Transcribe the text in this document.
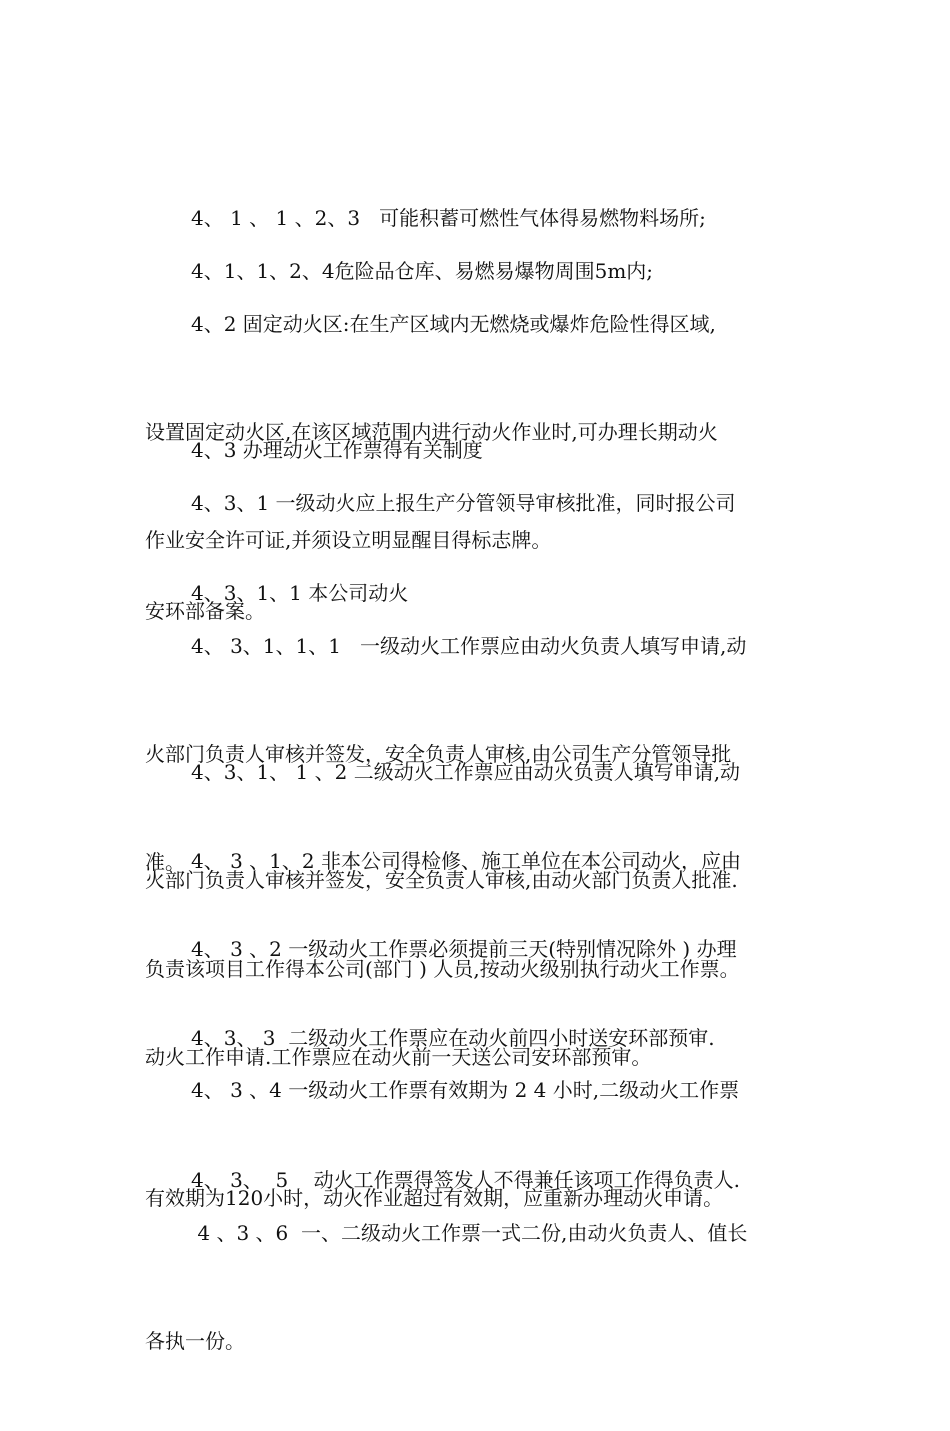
4、 1 、 1 、2、3   可能积蓄可燃性气体得易燃物料场所;

4、1、1、2、4危险品仓库、易燃易爆物周围5m内;

4、2 固定动火区:在生产区域内无燃烧或爆炸危险性得区域,

设置固定动火区,在该区域范围内进行动火作业时,可办理长期动火

作业安全许可证,并须设立明显醒目得标志牌。

4、3 办理动火工作票得有关制度

4、3、1 一级动火应上报生产分管领导审核批准，同时报公司

安环部备案。

4、3、1、1 本公司动火

4、 3、1、1、1   一级动火工作票应由动火负责人填写申请,动

火部门负责人审核并签发，安全负责人审核,由公司生产分管领导批

准。

4、3、1、 1 、2 二级动火工作票应由动火负责人填写申请,动

火部门负责人审核并签发，安全负责人审核,由动火部门负责人批准.

4、 3 、1、2 非本公司得检修、施工单位在本公司动火，应由

负责该项目工作得本公司(部门 ) 人员,按动火级别执行动火工作票。

4、 3 、2 一级动火工作票必须提前三天(特别情况除外 ) 办理

动火工作申请.工作票应在动火前一天送公司安环部预审。

4、3、 3  二级动火工作票应在动火前四小时送安环部预审.

4、 3 、4 一级动火工作票有效期为 2 4 小时,二级动火工作票

有效期为120小时，动火作业超过有效期，应重新办理动火申请。

4、 3、  5    动火工作票得签发人不得兼任该项工作得负责人.

4 、3 、6  一、二级动火工作票一式二份,由动火负责人、值长

各执一份。
